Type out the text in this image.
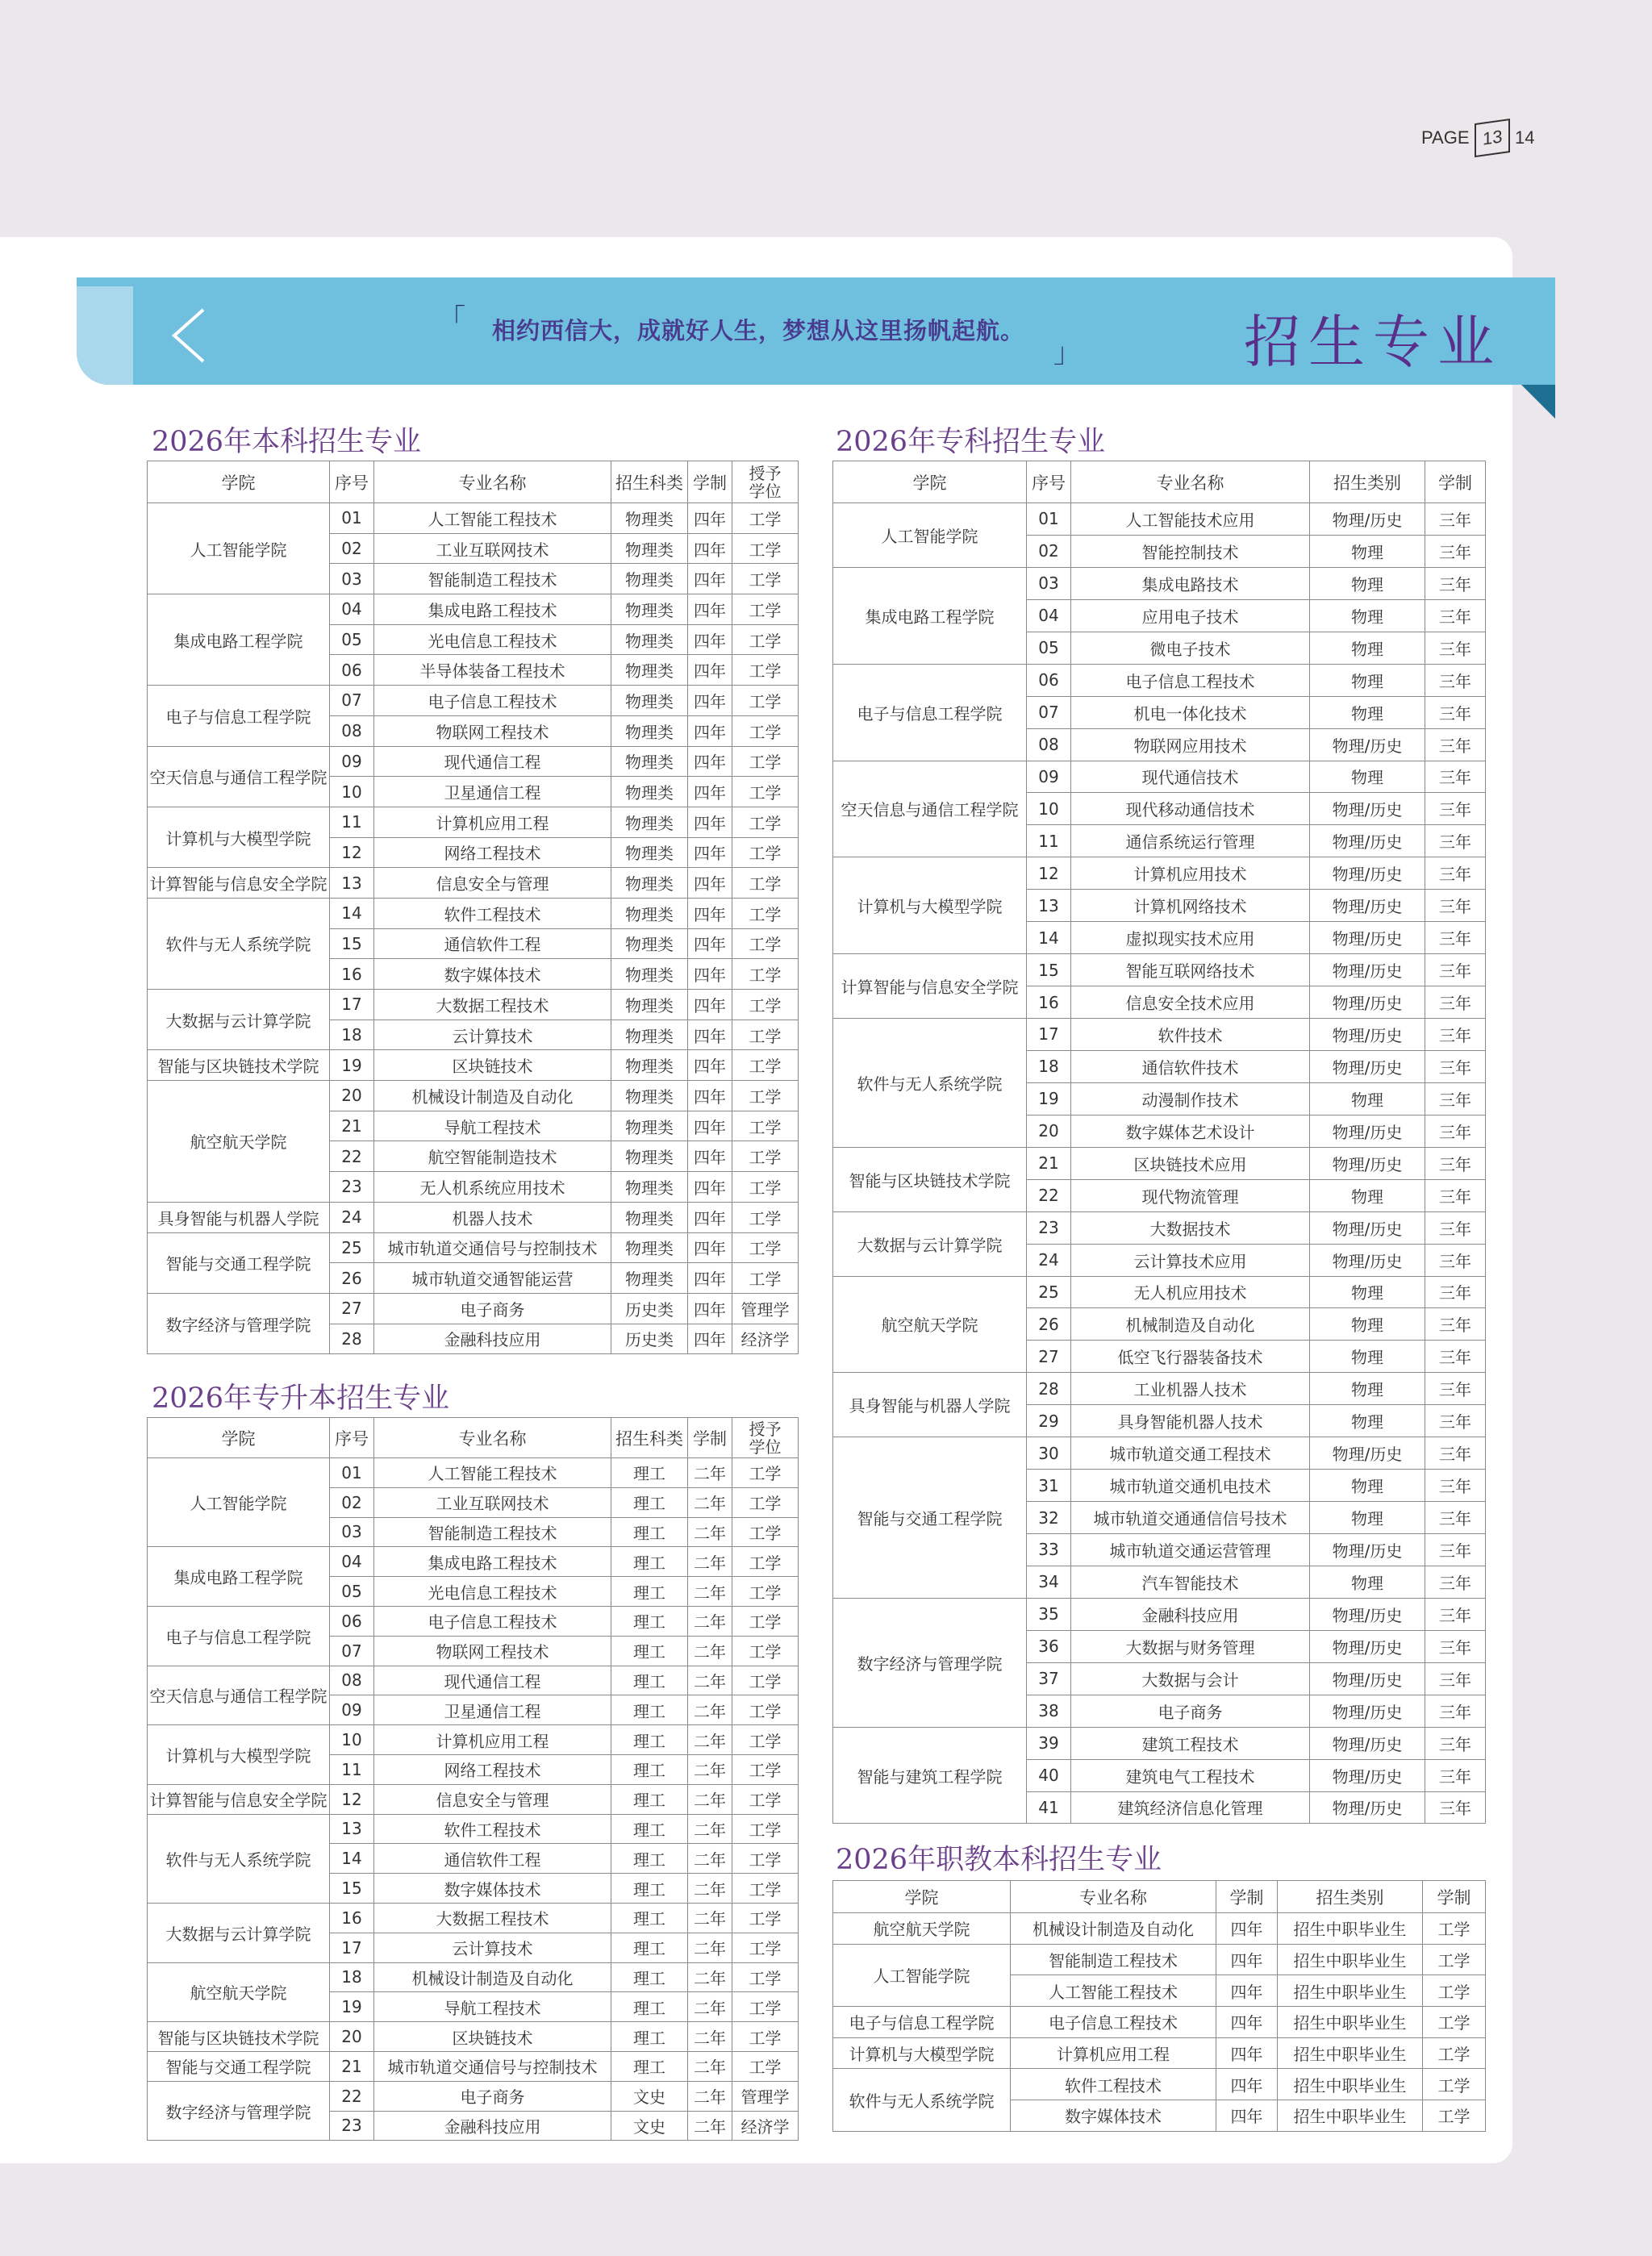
PAGE 13 14
「 相约西信大，成就好人生，梦想从这里扬帆起航。
」	招生专业
2026年本科招生专业
学院	序号	专业名称	招生科类	学制	授予
学位
人工智能学院	01	人工智能工程技术	物理类	四年	工学
	02	工业互联网技术	物理类	四年	工学
	03	智能制造工程技术	物理类	四年	工学
集成电路工程学院	04	集成电路工程技术	物理类	四年	工学
	05	光电信息工程技术	物理类	四年	工学
	06	半导体装备工程技术	物理类	四年	工学
电子与信息工程学院	07	电子信息工程技术	物理类	四年	工学
	08	物联网工程技术	物理类	四年	工学
空天信息与通信工程学院	09	现代通信工程	物理类	四年	工学
	10	卫星通信工程	物理类	四年	工学
计算机与大模型学院	11	计算机应用工程	物理类	四年	工学
	12	网络工程技术	物理类	四年	工学
计算智能与信息安全学院	13	信息安全与管理	物理类	四年	工学
软件与无人系统学院	14	软件工程技术	物理类	四年	工学
	15	通信软件工程	物理类	四年	工学
	16	数字媒体技术	物理类	四年	工学
大数据与云计算学院	17	大数据工程技术	物理类	四年	工学
	18	云计算技术	物理类	四年	工学
智能与区块链技术学院	19	区块链技术	物理类	四年	工学
航空航天学院	20	机械设计制造及自动化	物理类	四年	工学
	21	导航工程技术	物理类	四年	工学
	22	航空智能制造技术	物理类	四年	工学
	23	无人机系统应用技术	物理类	四年	工学
具身智能与机器人学院	24	机器人技术	物理类	四年	工学
智能与交通工程学院	25	城市轨道交通信号与控制技术	物理类	四年	工学
	26	城市轨道交通智能运营	物理类	四年	工学
数字经济与管理学院	27	电子商务	历史类	四年	管理学
	28	金融科技应用	历史类	四年	经济学
2026年专升本招生专业
学院	序号	专业名称	招生科类	学制	授予
学位
人工智能学院	01	人工智能工程技术	理工	二年	工学
	02	工业互联网技术	理工	二年	工学
	03	智能制造工程技术	理工	二年	工学
集成电路工程学院	04	集成电路工程技术	理工	二年	工学
	05	光电信息工程技术	理工	二年	工学
电子与信息工程学院	06	电子信息工程技术	理工	二年	工学
	07	物联网工程技术	理工	二年	工学
空天信息与通信工程学院	08	现代通信工程	理工	二年	工学
	09	卫星通信工程	理工	二年	工学
计算机与大模型学院	10	计算机应用工程	理工	二年	工学
	11	网络工程技术	理工	二年	工学
计算智能与信息安全学院	12	信息安全与管理	理工	二年	工学
软件与无人系统学院	13	软件工程技术	理工	二年	工学
	14	通信软件工程	理工	二年	工学
	15	数字媒体技术	理工	二年	工学
大数据与云计算学院	16	大数据工程技术	理工	二年	工学
	17	云计算技术	理工	二年	工学
航空航天学院	18	机械设计制造及自动化	理工	二年	工学
	19	导航工程技术	理工	二年	工学
智能与区块链技术学院	20	区块链技术	理工	二年	工学
智能与交通工程学院	21	城市轨道交通信号与控制技术	理工	二年	工学
数字经济与管理学院	22	电子商务	文史	二年	管理学
	23	金融科技应用	文史	二年	经济学
2026年专科招生专业
学院	序号	专业名称	招生类别	学制
人工智能学院	01	人工智能技术应用	物理/历史	三年
	02	智能控制技术	物理	三年
集成电路工程学院	03	集成电路技术	物理	三年
	04	应用电子技术	物理	三年
	05	微电子技术	物理	三年
电子与信息工程学院	06	电子信息工程技术	物理	三年
	07	机电一体化技术	物理	三年
	08	物联网应用技术	物理/历史	三年
空天信息与通信工程学院	09	现代通信技术	物理	三年
	10	现代移动通信技术	物理/历史	三年
	11	通信系统运行管理	物理/历史	三年
计算机与大模型学院	12	计算机应用技术	物理/历史	三年
	13	计算机网络技术	物理/历史	三年
	14	虚拟现实技术应用	物理/历史	三年
计算智能与信息安全学院	15	智能互联网络技术	物理/历史	三年
	16	信息安全技术应用	物理/历史	三年
软件与无人系统学院	17	软件技术	物理/历史	三年
	18	通信软件技术	物理/历史	三年
	19	动漫制作技术	物理	三年
	20	数字媒体艺术设计	物理/历史	三年
智能与区块链技术学院	21	区块链技术应用	物理/历史	三年
	22	现代物流管理	物理	三年
大数据与云计算学院	23	大数据技术	物理/历史	三年
	24	云计算技术应用	物理/历史	三年
航空航天学院	25	无人机应用技术	物理	三年
	26	机械制造及自动化	物理	三年
	27	低空飞行器装备技术	物理	三年
具身智能与机器人学院	28	工业机器人技术	物理	三年
	29	具身智能机器人技术	物理	三年
智能与交通工程学院	30	城市轨道交通工程技术	物理/历史	三年
	31	城市轨道交通机电技术	物理	三年
	32	城市轨道交通通信信号技术	物理	三年
	33	城市轨道交通运营管理	物理/历史	三年
	34	汽车智能技术	物理	三年
数字经济与管理学院	35	金融科技应用	物理/历史	三年
	36	大数据与财务管理	物理/历史	三年
	37	大数据与会计	物理/历史	三年
	38	电子商务	物理/历史	三年
智能与建筑工程学院	39	建筑工程技术	物理/历史	三年
	40	建筑电气工程技术	物理/历史	三年
	41	建筑经济信息化管理	物理/历史	三年
2026年职教本科招生专业
学院	专业名称	学制	招生类别	学制
航空航天学院	机械设计制造及自动化	四年	招生中职毕业生	工学
人工智能学院	智能制造工程技术	四年	招生中职毕业生	工学
	人工智能工程技术	四年	招生中职毕业生	工学
电子与信息工程学院	电子信息工程技术	四年	招生中职毕业生	工学
计算机与大模型学院	计算机应用工程	四年	招生中职毕业生	工学
软件与无人系统学院	软件工程技术	四年	招生中职毕业生	工学
	数字媒体技术	四年	招生中职毕业生	工学
